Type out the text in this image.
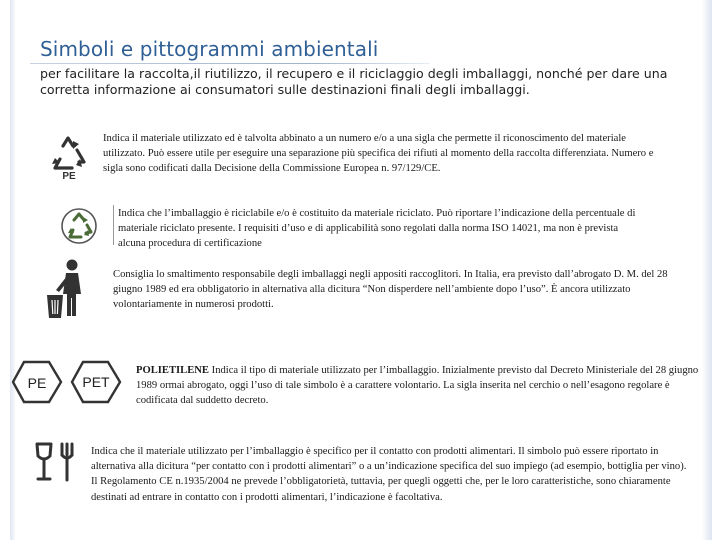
Simboli e pittogrammi ambientali
per facilitare la raccolta,il riutilizzo, il recupero e il riciclaggio degli imballaggi, nonché per dare una corretta informazione ai consumatori sulle destinazioni finali degli imballaggi.
PE
Indica il materiale utilizzato ed è talvolta abbinato a un numero e/o a una sigla che permette il riconoscimento del materiale utilizzato. Può essere utile per eseguire una separazione più specifica dei rifiuti al momento della raccolta differenziata. Numero e sigla sono codificati dalla Decisione della Commissione Europea n. 97/129/CE.
Indica che l’imballaggio è riciclabile e/o è costituito da materiale riciclato. Può riportare l’indicazione della percentuale di materiale riciclato presente. I requisiti d’uso e di applicabilità sono regolati dalla norma ISO 14021, ma non è prevista alcuna procedura di certificazione
Consiglia lo smaltimento responsabile degli imballaggi negli appositi raccoglitori. In Italia, era previsto dall’abrogato D. M. del 28 giugno 1989 ed era obbligatorio in alternativa alla dicitura “Non disperdere nell’ambiente dopo l’uso”. È ancora utilizzato volontariamente in numerosi prodotti.
PE	PET
POLIETILENE Indica il tipo di materiale utilizzato per l’imballaggio. Inizialmente previsto dal Decreto Ministeriale del 28 giugno 1989 ormai abrogato, oggi l’uso di tale simbolo è a carattere volontario. La sigla inserita nel cerchio o nell’esagono regolare è codificata dal suddetto decreto.
Indica che il materiale utilizzato per l’imballaggio è specifico per il contatto con prodotti alimentari. Il simbolo può essere riportato in alternativa alla dicitura “per contatto con i prodotti alimentari” o a un’indicazione specifica del suo impiego (ad esempio, bottiglia per vino). Il Regolamento CE n.1935/2004 ne prevede l’obbligatorietà, tuttavia, per quegli oggetti che, per le loro caratteristiche, sono chiaramente destinati ad entrare in contatto con i prodotti alimentari, l’indicazione è facoltativa.
